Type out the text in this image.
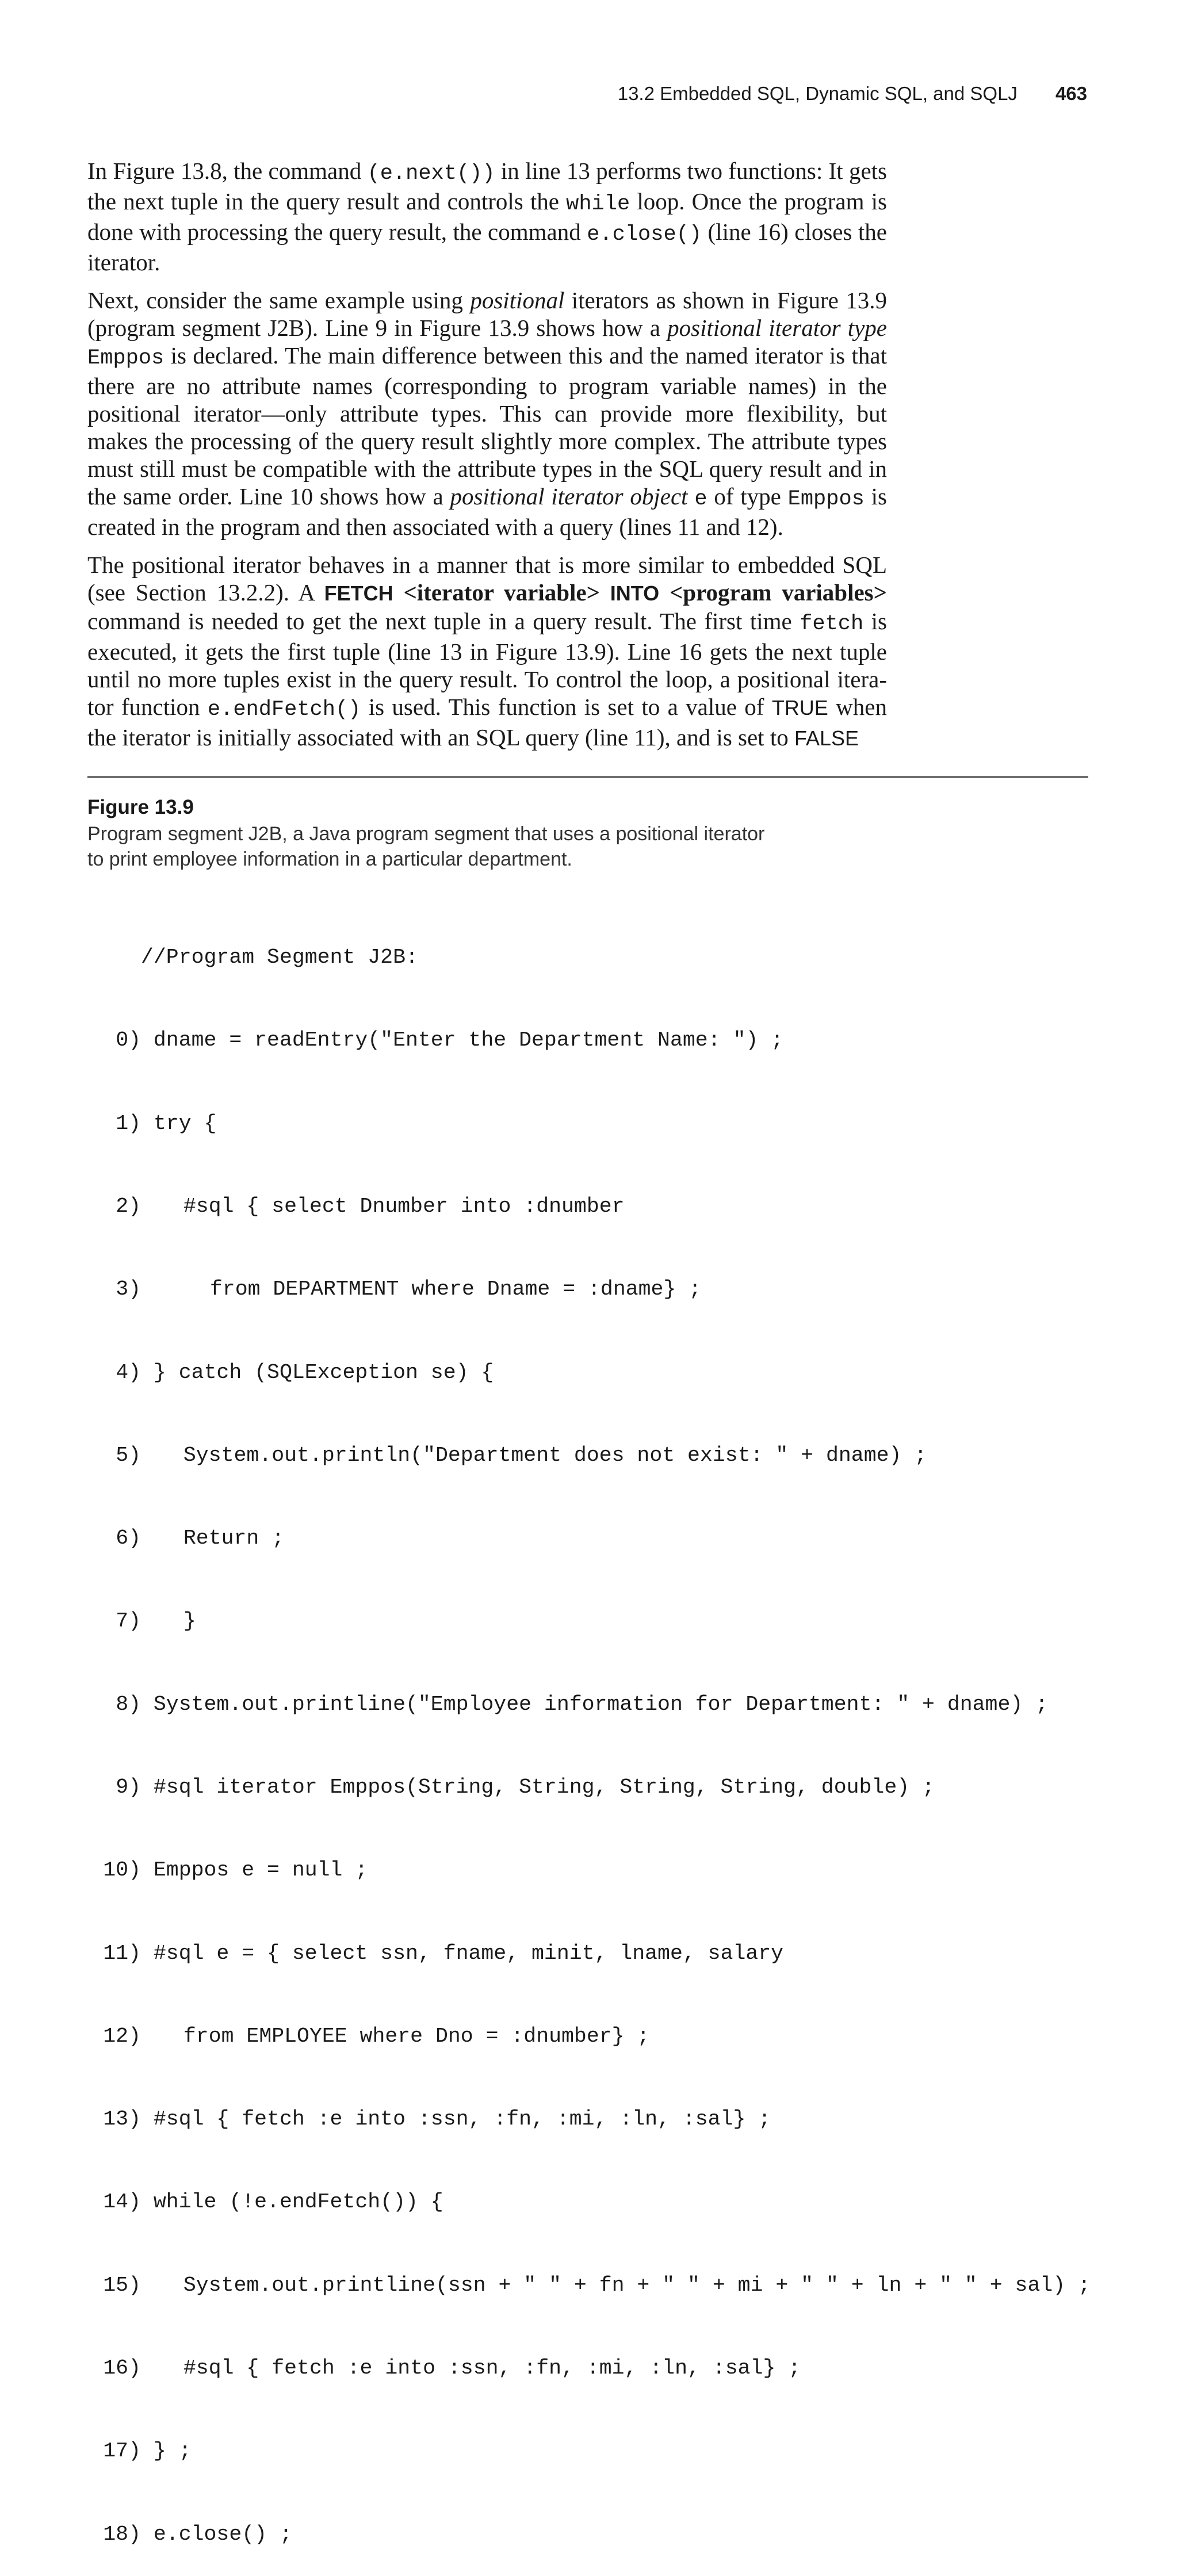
13.2 Embedded SQL, Dynamic SQL, and SQLJ 463

In Figure 13.8, the command (e.next()) in line 13 performs two functions: It gets the next tuple in the query result and controls the while loop. Once the program is done with processing the query result, the command e.close() (line 16) closes the iterator.

Next, consider the same example using positional iterators as shown in Figure 13.9 (program segment J2B). Line 9 in Figure 13.9 shows how a positional iterator type Emppos is declared. The main difference between this and the named iterator is that there are no attribute names (corresponding to program variable names) in the positional iterator—only attribute types. This can provide more flexibility, but makes the processing of the query result slightly more complex. The attribute types must still must be compatible with the attribute types in the SQL query result and in the same order. Line 10 shows how a positional iterator object e of type Emppos is created in the program and then associated with a query (lines 11 and 12).

The positional iterator behaves in a manner that is more similar to embedded SQL (see Section 13.2.2). A FETCH <iterator variable> INTO <program variables> command is needed to get the next tuple in a query result. The first time fetch is executed, it gets the first tuple (line 13 in Figure 13.9). Line 16 gets the next tuple until no more tuples exist in the query result. To control the loop, a positional itera-tor function e.endFetch() is used. This function is set to a value of TRUE when the iterator is initially associated with an SQL query (line 11), and is set to FALSE

Figure 13.9
Program segment J2B, a Java program segment that uses a positional iterator to print employee information in a particular department.

//Program Segment J2B:

0) dname = readEntry("Enter the Department Name: ") ;

1) try {

2) #sql { select Dnumber into :dnumber

3)	from DEPARTMENT where Dname = :dname} ;

4) } catch (SQLException se) {

5) System.out.println("Department does not exist: " + dname) ;

6) Return ;

7) }

8) System.out.printline("Employee information for Department: " + dname) ;

9) #sql iterator Emppos(String, String, String, String, double) ;

10) Emppos e = null ;

11) #sql e = { select ssn, fname, minit, lname, salary

12) from EMPLOYEE where Dno = :dnumber} ;

13) #sql { fetch :e into :ssn, :fn, :mi, :ln, :sal} ;

14) while (!e.endFetch()) {

15) System.out.printline(ssn + " " + fn + " " + mi + " " + ln + " " + sal) ;

16) #sql { fetch :e into :ssn, :fn, :mi, :ln, :sal} ;

17) } ;

18) e.close() ;
